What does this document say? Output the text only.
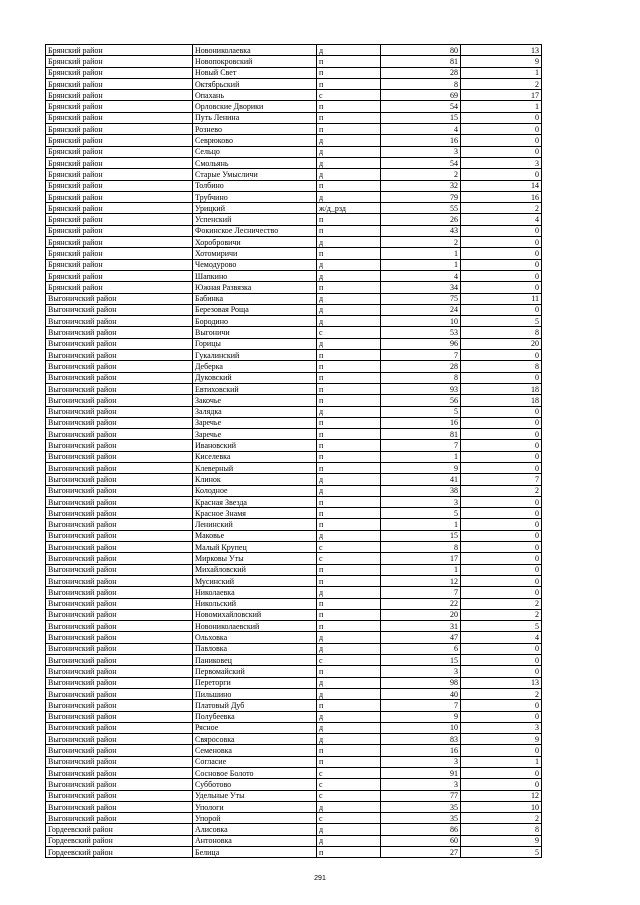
Брянский район	Новониколаевка	д	80	13
Брянский район	Новопокровский	п	81	9
Брянский район	Новый Свет	п	28	1
Брянский район	Октябрьский	п	8	2
Брянский район	Опахань	с	69	17
Брянский район	Орловские Дворики	п	54	1
Брянский район	Путь Ленина	п	15	0
Брянский район	Рознево	п	4	0
Брянский район	Севрюково	д	16	0
Брянский район	Сельцо	д	3	0
Брянский район	Смольянь	д	54	3
Брянский район	Старые Умысличи	д	2	0
Брянский район	Толбино	п	32	14
Брянский район	Трубчино	д	79	16
Брянский район	Урицкий	ж/д_рзд	55	2
Брянский район	Успенский	п	26	4
Брянский район	Фокинское Лесничество	п	43	0
Брянский район	Хоробровичи	д	2	0
Брянский район	Хотомиричи	п	1	0
Брянский район	Чемодурово	д	1	0
Брянский район	Шапкино	д	4	0
Брянский район	Южная Развязка	п	34	0
Выгоничский район	Бабинка	д	75	11
Выгоничский район	Березовая Роща	д	24	0
Выгоничский район	Бородино	д	10	5
Выгоничский район	Выгоничи	с	53	8
Выгоничский район	Горицы	д	96	20
Выгоничский район	Гукалинский	п	7	0
Выгоничский район	Деберка	п	28	8
Выгоничский район	Дуковский	п	8	0
Выгоничский район	Евтиховский	п	93	18
Выгоничский район	Закочье	п	56	18
Выгоничский район	Залядка	д	5	0
Выгоничский район	Заречье	п	16	0
Выгоничский район	Заречье	п	81	0
Выгоничский район	Ивановский	п	7	0
Выгоничский район	Киселевка	п	1	0
Выгоничский район	Клеверный	п	9	0
Выгоничский район	Клинок	д	41	7
Выгоничский район	Колодное	д	38	2
Выгоничский район	Красная Звезда	п	3	0
Выгоничский район	Красное Знамя	п	5	0
Выгоничский район	Ленинский	п	1	0
Выгоничский район	Маковье	д	15	0
Выгоничский район	Малый Крупец	с	8	0
Выгоничский район	Мирковы Уты	с	17	0
Выгоничский район	Михайловский	п	1	0
Выгоничский район	Мусинский	п	12	0
Выгоничский район	Николаевка	д	7	0
Выгоничский район	Никольский	п	22	2
Выгоничский район	Новомихайловский	п	20	2
Выгоничский район	Новониколаевский	п	31	5
Выгоничский район	Ольховка	д	47	4
Выгоничский район	Павловка	д	6	0
Выгоничский район	Паниковец	с	15	0
Выгоничский район	Первомайский	п	3	0
Выгоничский район	Переторги	д	98	13
Выгоничский район	Пильшино	д	40	2
Выгоничский район	Платовый Дуб	п	7	0
Выгоничский район	Полубеевка	д	9	0
Выгоничский район	Рясное	д	10	3
Выгоничский район	Свяросовка	д	83	9
Выгоничский район	Семеновка	п	16	0
Выгоничский район	Согласие	п	3	1
Выгоничский район	Сосновое Болото	с	91	0
Выгоничский район	Субботово	с	3	0
Выгоничский район	Удельные Уты	с	77	12
Выгоничский район	Упологи	д	35	10
Выгоничский район	Упорой	с	35	2
Гордеевский район	Алисовка	д	86	8
Гордеевский район	Антоновка	д	60	9
Гордеевский район	Белица	п	27	5
291
